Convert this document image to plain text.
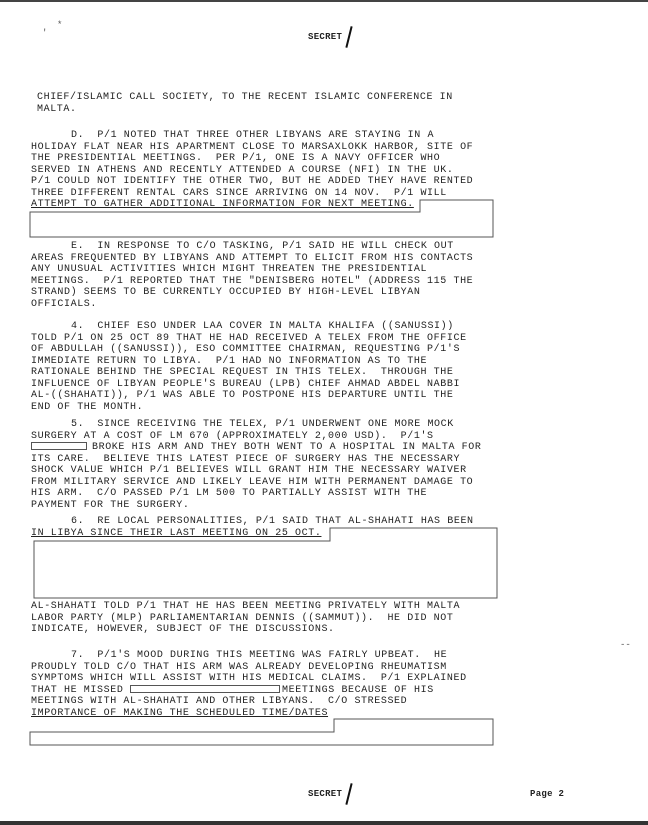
'
*
SECRET
CHIEF/ISLAMIC CALL SOCIETY, TO THE RECENT ISLAMIC CONFERENCE IN
MALTA.
D.  P/1 NOTED THAT THREE OTHER LIBYANS ARE STAYING IN A
HOLIDAY FLAT NEAR HIS APARTMENT CLOSE TO MARSAXLOKK HARBOR, SITE OF
THE PRESIDENTIAL MEETINGS.  PER P/1, ONE IS A NAVY OFFICER WHO
SERVED IN ATHENS AND RECENTLY ATTENDED A COURSE (NFI) IN THE UK.
P/1 COULD NOT IDENTIFY THE OTHER TWO, BUT HE ADDED THEY HAVE RENTED
THREE DIFFERENT RENTAL CARS SINCE ARRIVING ON 14 NOV.  P/1 WILL
ATTEMPT TO GATHER ADDITIONAL INFORMATION FOR NEXT MEETING.
E.  IN RESPONSE TO C/O TASKING, P/1 SAID HE WILL CHECK OUT
AREAS FREQUENTED BY LIBYANS AND ATTEMPT TO ELICIT FROM HIS CONTACTS
ANY UNUSUAL ACTIVITIES WHICH MIGHT THREATEN THE PRESIDENTIAL
MEETINGS.  P/1 REPORTED THAT THE "DENISBERG HOTEL" (ADDRESS 115 THE
STRAND) SEEMS TO BE CURRENTLY OCCUPIED BY HIGH-LEVEL LIBYAN
OFFICIALS.
4.  CHIEF ESO UNDER LAA COVER IN MALTA KHALIFA ((SANUSSI))
TOLD P/1 ON 25 OCT 89 THAT HE HAD RECEIVED A TELEX FROM THE OFFICE
OF ABDULLAH ((SANUSSI)), ESO COMMITTEE CHAIRMAN, REQUESTING P/1'S
IMMEDIATE RETURN TO LIBYA.  P/1 HAD NO INFORMATION AS TO THE
RATIONALE BEHIND THE SPECIAL REQUEST IN THIS TELEX.  THROUGH THE
INFLUENCE OF LIBYAN PEOPLE'S BUREAU (LPB) CHIEF AHMAD ABDEL NABBI
AL-((SHAHATI)), P/1 WAS ABLE TO POSTPONE HIS DEPARTURE UNTIL THE
END OF THE MONTH.
5.  SINCE RECEIVING THE TELEX, P/1 UNDERWENT ONE MORE MOCK
SURGERY AT A COST OF LM 670 (APPROXIMATELY 2,000 USD).  P/1'S
BROKE HIS ARM AND THEY BOTH WENT TO A HOSPITAL IN MALTA FOR
ITS CARE.  BELIEVE THIS LATEST PIECE OF SURGERY HAS THE NECESSARY
SHOCK VALUE WHICH P/1 BELIEVES WILL GRANT HIM THE NECESSARY WAIVER
FROM MILITARY SERVICE AND LIKELY LEAVE HIM WITH PERMANENT DAMAGE TO
HIS ARM.  C/O PASSED P/1 LM 500 TO PARTIALLY ASSIST WITH THE
PAYMENT FOR THE SURGERY.
6.  RE LOCAL PERSONALITIES, P/1 SAID THAT AL-SHAHATI HAS BEEN
IN LIBYA SINCE THEIR LAST MEETING ON 25 OCT.
AL-SHAHATI TOLD P/1 THAT HE HAS BEEN MEETING PRIVATELY WITH MALTA
LABOR PARTY (MLP) PARLIAMENTARIAN DENNIS ((SAMMUT)).  HE DID NOT
INDICATE, HOWEVER, SUBJECT OF THE DISCUSSIONS.
7.  P/1'S MOOD DURING THIS MEETING WAS FAIRLY UPBEAT.  HE
PROUDLY TOLD C/O THAT HIS ARM WAS ALREADY DEVELOPING RHEUMATISM
SYMPTOMS WHICH WILL ASSIST WITH HIS MEDICAL CLAIMS.  P/1 EXPLAINED
THAT HE MISSED	MEETINGS BECAUSE OF HIS
MEETINGS WITH AL-SHAHATI AND OTHER LIBYANS.  C/O STRESSED
IMPORTANCE OF MAKING THE SCHEDULED TIME/DATES
--
SECRET	Page 2
